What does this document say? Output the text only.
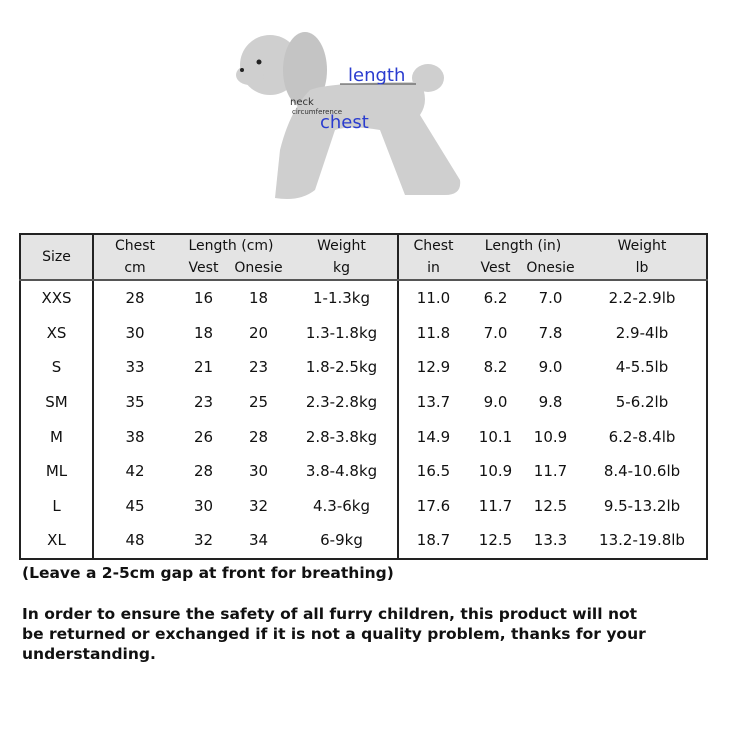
length
neck
circumference
chest
Size	Chest	Length (cm)		Weight	Chest	Length (in)		Weight
	cm	Vest	Onesie	kg	in	Vest	Onesie	lb
XXS	28	16	18	1-1.3kg	11.0	6.2	7.0	2.2-2.9lb
XS	30	18	20	1.3-1.8kg	11.8	7.0	7.8	2.9-4lb
S	33	21	23	1.8-2.5kg	12.9	8.2	9.0	4-5.5lb
SM	35	23	25	2.3-2.8kg	13.7	9.0	9.8	5-6.2lb
M	38	26	28	2.8-3.8kg	14.9	10.1	10.9	6.2-8.4lb
ML	42	28	30	3.8-4.8kg	16.5	10.9	11.7	8.4-10.6lb
L	45	30	32	4.3-6kg	17.6	11.7	12.5	9.5-13.2lb
XL	48	32	34	6-9kg	18.7	12.5	13.3	13.2-19.8lb
(Leave a 2-5cm gap at front for breathing)
In order to ensure the safety of all furry children, this product will not be returned or exchanged if it is not a quality problem, thanks for your understanding.
